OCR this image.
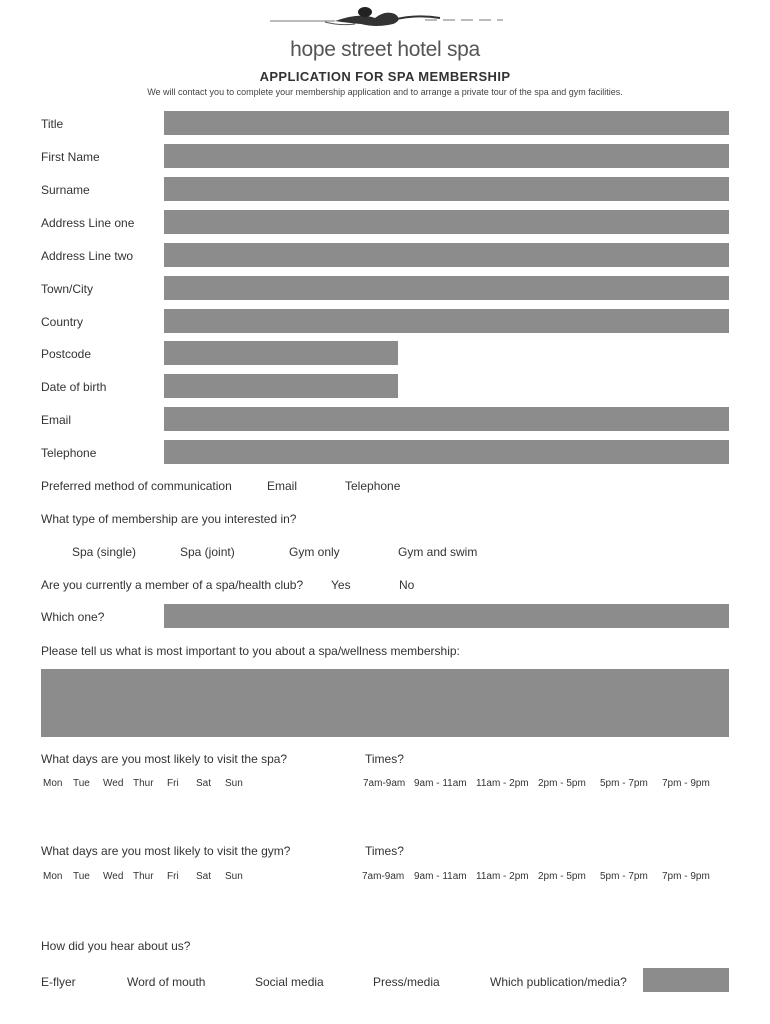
hope street hotel spa
APPLICATION FOR SPA MEMBERSHIP
We will contact you to complete your membership application and to arrange a private tour of the spa and gym facilities.
Title
First Name
Surname
Address Line one
Address Line two
Town/City
Country
Postcode
Date of birth
Email
Telephone
Preferred method of communication	Email	Telephone
What type of membership are you interested in?
Spa (single)	Spa (joint)	Gym only	Gym and swim
Are you currently a member of a spa/health club? Yes	No
Which one?
Please tell us what is most important to you about a spa/wellness membership:
What days are you most likely to visit the spa?	Times?
Mon Tue Wed Thur Fri Sat Sun	7am-9am 9am - 11am 11am - 2pm 2pm - 5pm 5pm - 7pm 7pm - 9pm
What days are you most likely to visit the gym?	Times?
Mon Tue Wed Thur Fri Sat Sun	7am-9am 9am - 11am 11am - 2pm 2pm - 5pm 5pm - 7pm 7pm - 9pm
How did you hear about us?
E-flyer	Word of mouth	Social media	Press/media	Which publication/media?
